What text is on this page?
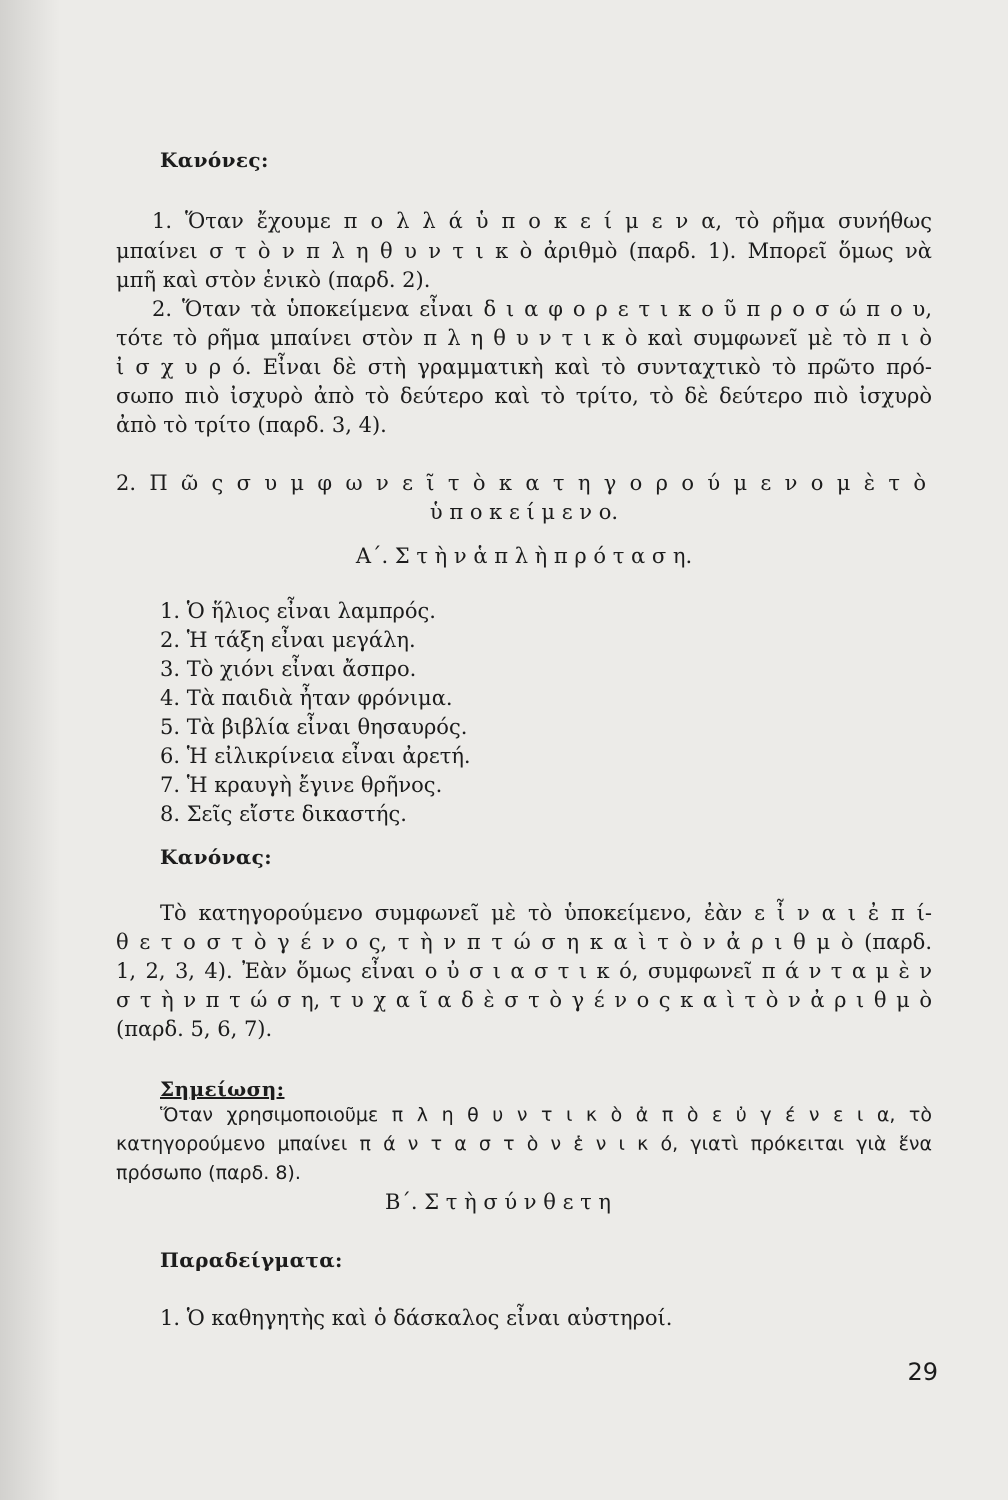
Κανόνες:

1. Ὅταν ἔχουμε π ο λ λ ά ὑ π ο κ ε ί μ ε ν α, τὸ ρῆμα συνήθως

μπαίνει σ τ ὸ ν π λ η θ υ ν τ ι κ ὸ ἀριθμὸ (παρδ. 1). Μπορεῖ ὅμως νὰ

μπῆ καὶ στὸν ἑνικὸ (παρδ. 2).

2. Ὅταν τὰ ὑποκείμενα εἶναι δ ι α φ ο ρ ε τ ι κ ο ῦ π ρ ο σ ώ π ο υ,

τότε τὸ ρῆμα μπαίνει στὸν π λ η θ υ ν τ ι κ ὸ καὶ συμφωνεῖ μὲ τὸ π ι ὸ

ἰ σ χ υ ρ ό. Εἶναι δὲ στὴ γραμματικὴ καὶ τὸ συνταχτικὸ τὸ πρῶτο πρό-

σωπο πιὸ ἰσχυρὸ ἀπὸ τὸ δεύτερο καὶ τὸ τρίτο, τὸ δὲ δεύτερο πιὸ ἰσχυρὸ

ἀπὸ τὸ τρίτο (παρδ. 3, 4).

2. Π ῶ ς σ υ μ φ ω ν ε ῖ τ ὸ κ α τ η γ ο ρ ο ύ μ ε ν ο μ ὲ τ ὸ

ὑ π ο κ ε ί μ ε ν ο.

Α΄. Σ τ ὴ ν ἁ π λ ὴ π ρ ό τ α σ η.

1. Ὁ ἥλιος εἶναι λαμπρός.

2. Ἡ τάξη εἶναι μεγάλη.

3. Τὸ χιόνι εἶναι ἄσπρο.

4. Τὰ παιδιὰ ἦταν φρόνιμα.

5. Τὰ βιβλία εἶναι θησαυρός.

6. Ἡ εἰλικρίνεια εἶναι ἀρετή.

7. Ἡ κραυγὴ ἔγινε θρῆνος.

8. Σεῖς εἴστε δικαστής.

Κανόνας:

Τὸ κατηγορούμενο συμφωνεῖ μὲ τὸ ὑποκείμενο, ἐὰν ε ἶ ν α ι ἐ π ί-

θ ε τ ο σ τ ὸ γ έ ν ο ς, τ ὴ ν π τ ώ σ η κ α ὶ τ ὸ ν ἀ ρ ι θ μ ὸ (παρδ.

1, 2, 3, 4). Ἐὰν ὅμως εἶναι ο ὐ σ ι α σ τ ι κ ό, συμφωνεῖ π ά ν τ α μ ὲ ν

σ τ ὴ ν π τ ώ σ η, τ υ χ α ῖ α δ ὲ σ τ ὸ γ έ ν ο ς κ α ὶ τ ὸ ν ἀ ρ ι θ μ ὸ

(παρδ. 5, 6, 7).

Σημείωση:

Ὅταν χρησιμοποιοῦμε π λ η θ υ ν τ ι κ ὸ ἀ π ὸ ε ὐ γ έ ν ε ι α, τὸ

κατηγορούμενο μπαίνει π ά ν τ α σ τ ὸ ν ἑ ν ι κ ό, γιατὶ πρόκειται γιὰ ἕνα

πρόσωπο (παρδ. 8).

Β΄. Σ τ ὴ σ ύ ν θ ε τ η

Παραδείγματα:

1. Ὁ καθηγητὴς καὶ ὁ δάσκαλος εἶναι αὐστηροί.

29
